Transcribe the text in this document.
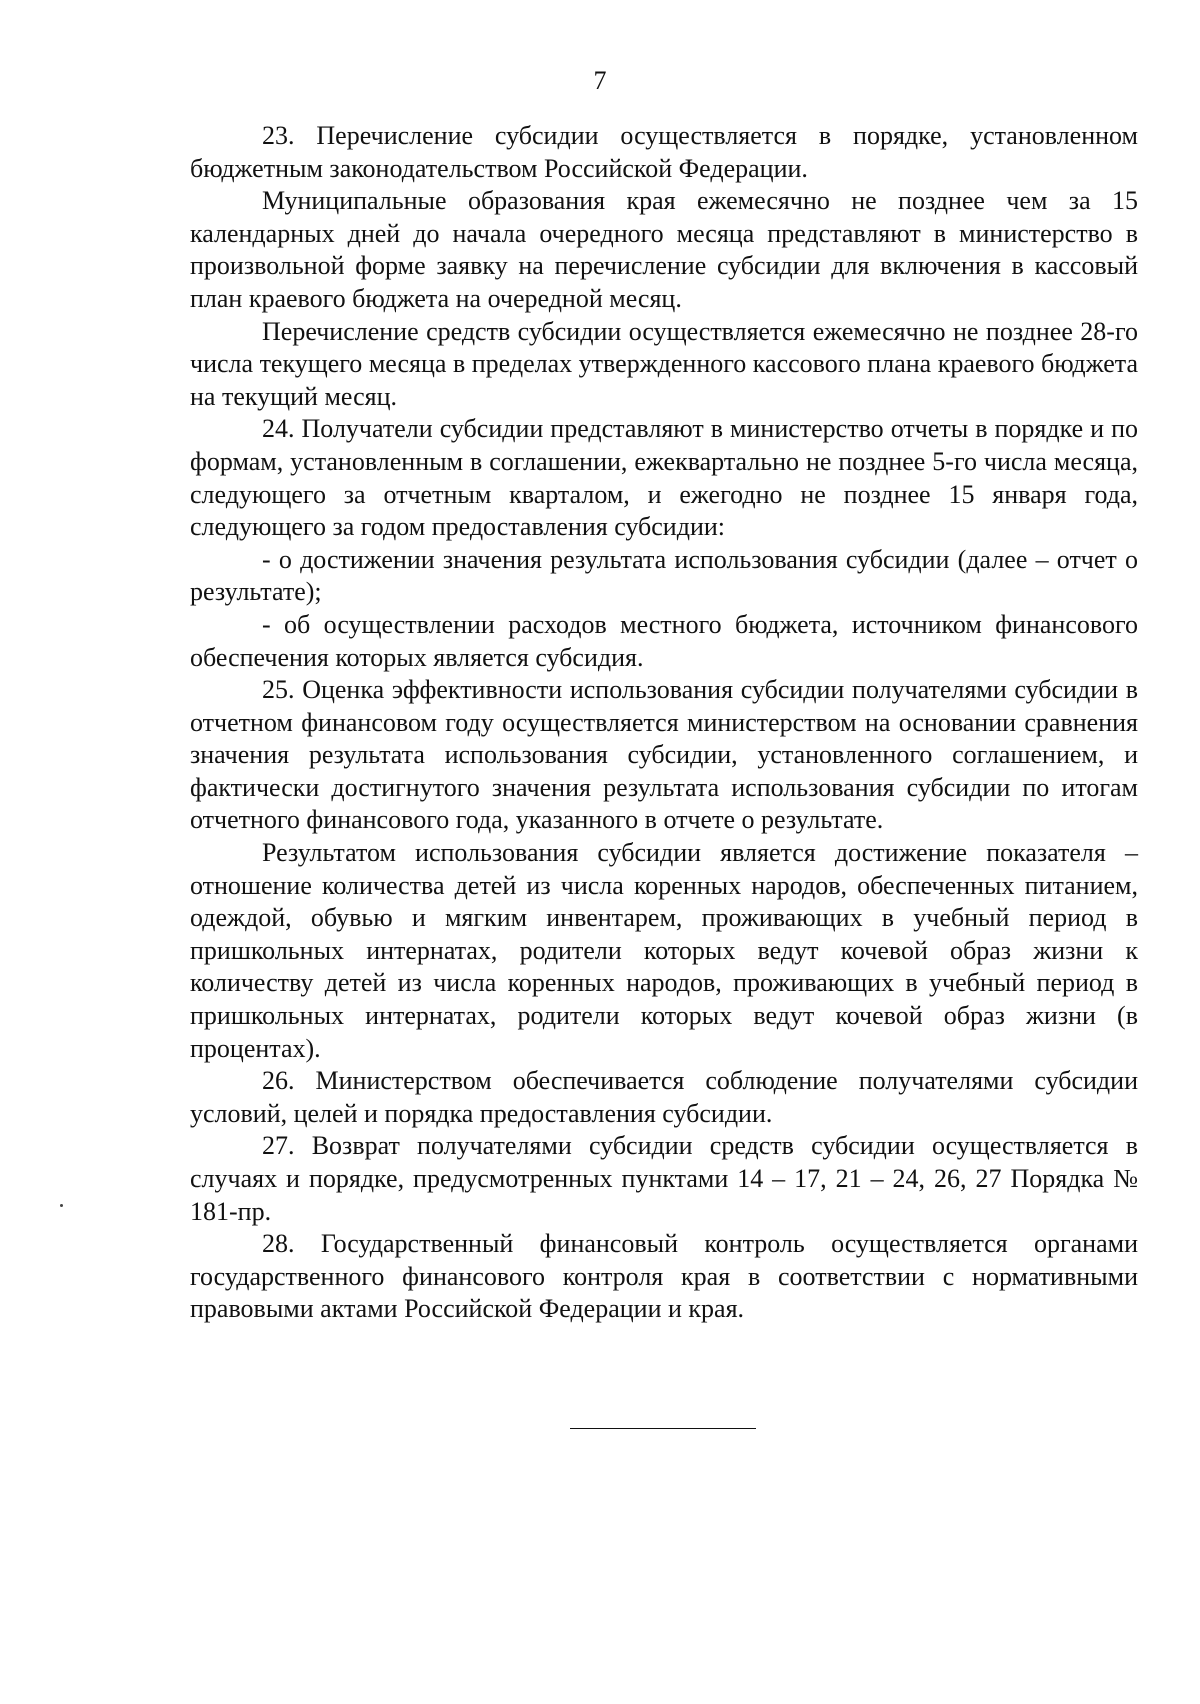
7

23. Перечисление субсидии осуществляется в порядке, установленном бюджетным законодательством Российской Федерации.

Муниципальные образования края ежемесячно не позднее чем за 15 календарных дней до начала очередного месяца представляют в министерство в произвольной форме заявку на перечисление субсидии для включения в кассовый план краевого бюджета на очередной месяц.

Перечисление средств субсидии осуществляется ежемесячно не позднее 28-го числа текущего месяца в пределах утвержденного кассового плана краевого бюджета на текущий месяц.

24. Получатели субсидии представляют в министерство отчеты в порядке и по формам, установленным в соглашении, ежеквартально не позднее 5-го числа месяца, следующего за отчетным кварталом, и ежегодно не позднее 15 января года, следующего за годом предоставления субсидии:

- о достижении значения результата использования субсидии (далее – отчет о результате);

- об осуществлении расходов местного бюджета, источником финансового обеспечения которых является субсидия.

25. Оценка эффективности использования субсидии получателями субсидии в отчетном финансовом году осуществляется министерством на основании сравнения значения результата использования субсидии, установленного соглашением, и фактически достигнутого значения результата использования субсидии по итогам отчетного финансового года, указанного в отчете о результате.

Результатом использования субсидии является достижение показателя – отношение количества детей из числа коренных народов, обеспеченных питанием, одеждой, обувью и мягким инвентарем, проживающих в учебный период в пришкольных интернатах, родители которых ведут кочевой образ жизни к количеству детей из числа коренных народов, проживающих в учебный период в пришкольных интернатах, родители которых ведут кочевой образ жизни (в процентах).

26. Министерством обеспечивается соблюдение получателями субсидии условий, целей и порядка предоставления субсидии.

27. Возврат получателями субсидии средств субсидии осуществляется в случаях и порядке, предусмотренных пунктами 14 – 17, 21 – 24, 26, 27 Порядка № 181-пр.

28. Государственный финансовый контроль осуществляется органами государственного финансового контроля края в соответствии с нормативными правовыми актами Российской Федерации и края.
